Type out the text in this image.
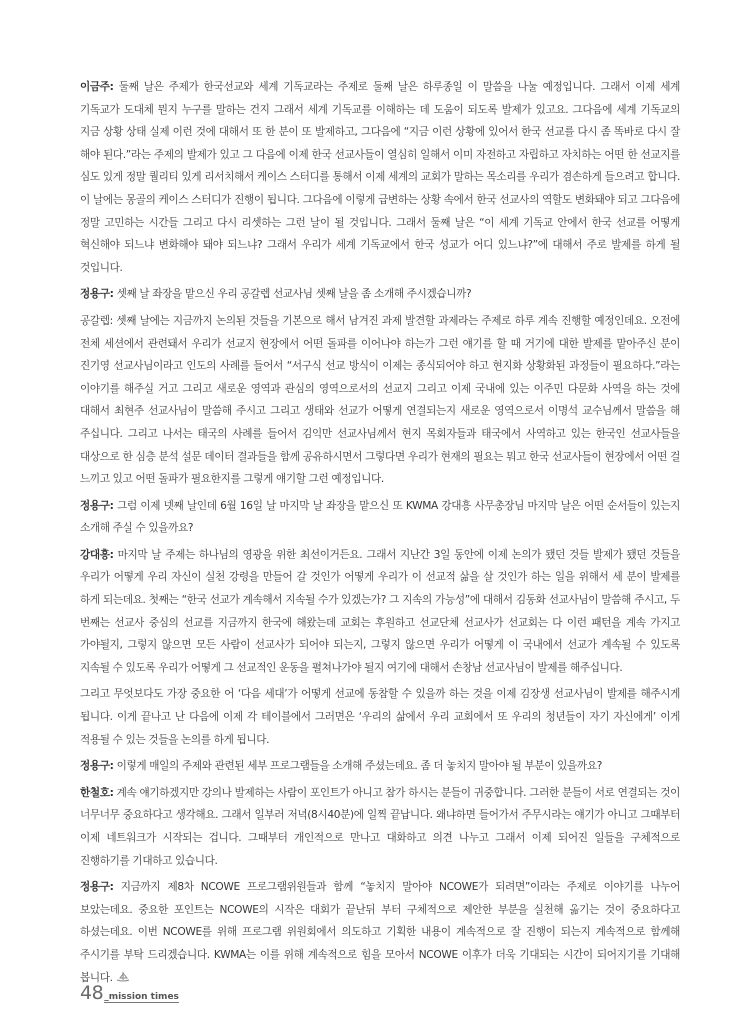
이금주: 둘째 날은 주제가 한국선교와 세계 기독교라는 주제로 둘째 날은 하루종일 이 말씀을 나눌 예정입니다. 그래서 이제 세계 기독교가 도대체 뭔지 누구를 말하는 건지 그래서 세계 기독교를 이해하는 데 도움이 되도록 발제가 있고요. 그다음에 세계 기독교의 지금 상황 상태 실제 이런 것에 대해서 또 한 분이 또 발제하고, 그다음에 “지금 이런 상황에 있어서 한국 선교를 다시 좀 똑바로 다시 잘 해야 된다.”라는 주제의 발제가 있고 그 다음에 이제 한국 선교사들이 열심히 일해서 이미 자전하고 자립하고 자치하는 어떤 한 선교지를 심도 있게 정말 퀄리티 있게 리서치해서 케이스 스터디를 통해서 이제 세계의 교회가 말하는 목소리를 우리가 겸손하게 들으려고 합니다. 이 날에는 몽골의 케이스 스터디가 진행이 됩니다. 그다음에 이렇게 급변하는 상황 속에서 한국 선교사의 역할도 변화돼야 되고 그다음에 정말 고민하는 시간들 그리고 다시 리셋하는 그런 날이 될 것입니다. 그래서 둘째 날은 “이 세계 기독교 안에서 한국 선교를 어떻게 혁신해야 되느냐 변화해야 돼야 되느냐? 그래서 우리가 세계 기독교에서 한국 성교가 어디 있느냐?”에 대해서 주로 발제를 하게 될 것입니다.

정용구: 셋째 날 좌장을 맡으신 우리 공갈렙 선교사님 셋째 날을 좀 소개해 주시겠습니까?

공갈렙: 셋째 날에는 지금까지 논의된 것들을 기본으로 해서 남겨진 과제 발견할 과제라는 주제로 하루 계속 진행할 예정인데요. 오전에 전체 세션에서 관련돼서 우리가 선교지 현장에서 어떤 돌파를 이어나야 하는가 그런 얘기를 할 때 거기에 대한 발제를 맡아주신 분이 진기영 선교사님이라고 인도의 사례를 들어서 “서구식 선교 방식이 이제는 종식되어야 하고 현지화 상황화된 과정들이 필요하다.”라는 이야기를 해주실 거고 그리고 새로운 영역과 관심의 영역으로서의 선교지 그리고 이제 국내에 있는 이주민 다문화 사역을 하는 것에 대해서 최현주 선교사님이 말씀해 주시고 그리고 생태와 선교가 어떻게 연결되는지 새로운 영역으로서 이명석 교수님께서 말씀을 해 주십니다. 그리고 나서는 태국의 사례를 들어서 김익만 선교사님께서 현지 목회자들과 태국에서 사역하고 있는 한국인 선교사들을 대상으로 한 심층 분석 설문 데이터 결과들을 함께 공유하시면서 그렇다면 우리가 현재의 필요는 뭐고 한국 선교사들이 현장에서 어떤 걸 느끼고 있고 어떤 돌파가 필요한지를 그렇게 얘기할 그런 예정입니다.

정용구: 그럼 이제 넷째 날인데 6월 16일 날 마지막 날 좌장을 맡으신 또 KWMA 강대흥 사무총장님 마지막 날은 어떤 순서들이 있는지 소개해 주실 수 있을까요?

강대흥: 마지막 날 주제는 하나님의 영광을 위한 최선이거든요. 그래서 지난간 3일 동안에 이제 논의가 됐던 것들 발제가 됐던 것들을 우리가 어떻게 우리 자신이 실천 강령을 만들어 갈 것인가 어떻게 우리가 이 선교적 삶을 살 것인가 하는 일을 위해서 세 분이 발제를 하게 되는데요. 첫째는 “한국 선교가 계속해서 지속될 수가 있겠는가? 그 지속의 가능성”에 대해서 김동화 선교사님이 말씀해 주시고, 두 번째는 선교사 중심의 선교를 지금까지 한국에 해왔는데 교회는 후원하고 선교단체 선교사가 선교회는 다 이런 패턴을 계속 가지고 가야될지, 그렇지 않으면 모든 사람이 선교사가 되어야 되는지, 그렇지 않으면 우리가 어떻게 이 국내에서 선교가 계속될 수 있도록 지속될 수 있도록 우리가 어떻게 그 선교적인 운동을 펼쳐나가야 될지 여기에 대해서 손창남 선교사님이 발제를 해주십니다.

그리고 무엇보다도 가장 중요한 어 ‘다음 세대’가 어떻게 선교에 동참할 수 있을까 하는 것을 이제 김장생 선교사님이 발제를 해주시게 됩니다. 이게 끝나고 난 다음에 이제 각 테이블에서 그러면은 ‘우리의 삶에서 우리 교회에서 또 우리의 청년들이 자기 자신에게’ 이게 적용될 수 있는 것들을 논의를 하게 됩니다.

정용구: 이렇게 매일의 주제와 관련된 세부 프로그램들을 소개해 주셨는데요. 좀 더 놓치지 말아야 될 부분이 있을까요?

한철호: 계속 얘기하겠지만 강의나 발제하는 사람이 포인트가 아니고 참가 하시는 분들이 귀중합니다. 그러한 분들이 서로 연결되는 것이 너무너무 중요하다고 생각해요. 그래서 일부러 저녁(8시40분)에 일찍 끝납니다. 왜냐하면 들어가서 주무시라는 얘기가 아니고 그때부터 이제 네트워크가 시작되는 겁니다. 그때부터 개인적으로 만나고 대화하고 의견 나누고 그래서 이제 되어진 일들을 구체적으로 진행하기를 기대하고 있습니다.

정용구: 지금까지 제8차 NCOWE 프로그램위원들과 함께 “놓치지 말아야 NCOWE가 되려면”이라는 주제로 이야기를 나누어 보았는데요. 중요한 포인트는 NCOWE의 시작은 대회가 끝난뒤 부터 구체적으로 제안한 부분을 실천해 옮기는 것이 중요하다고 하셨는데요. 이번 NCOWE를 위해 프로그램 위원회에서 의도하고 기획한 내용이 계속적으로 잘 진행이 되는지 계속적으로 함께해 주시기를 부탁 드리겠습니다. KWMA는 이를 위해 계속적으로 힘을 모아서 NCOWE 이후가 더욱 기대되는 시간이 되어지기를 기대해 봅니다.

48 _mission times
